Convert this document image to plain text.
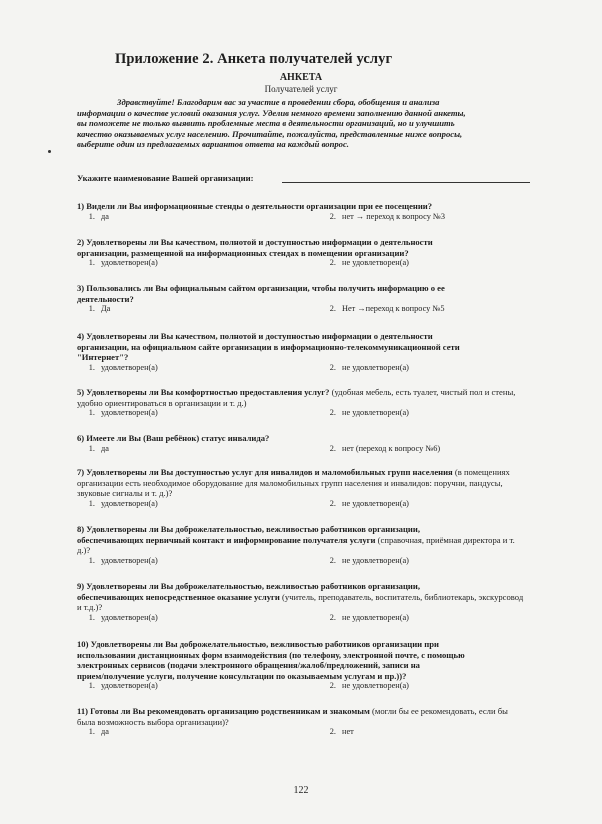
Приложение 2. Анкета получателей услуг
АНКЕТА
Получателей услуг
Здравствуйте! Благодарим вас за участие в проведении сбора, обобщения и анализа
информации о качестве условий оказания услуг. Уделив немного времени заполнению данной анкеты,
вы поможете не только выявить проблемные места в деятельности организаций, но и улучшить
качество оказываемых услуг населению. Прочитайте, пожалуйста, представленные ниже вопросы,
выберите один из предлагаемых вариантов ответа на каждый вопрос.
Укажите наименование Вашей организации:
1) Видели ли Вы информационные стенды о деятельности организации при ее посещении?
1. да	2. нет → переход к вопросу №3
2) Удовлетворены ли Вы качеством, полнотой и доступностью информации о деятельности
организации, размещенной на информационных стендах в помещении организации?
1. удовлетворен(а)	2. не удовлетворен(а)
3) Пользовались ли Вы официальным сайтом организации, чтобы получить информацию о ее
деятельности?
1. Да	2. Нет →переход к вопросу №5
4) Удовлетворены ли Вы качеством, полнотой и доступностью информации о деятельности
организации, на официальном сайте организации в информационно-телекоммуникационной сети
"Интернет"?
1. удовлетворен(а)	2. не удовлетворен(а)
5) Удовлетворены ли Вы комфортностью предоставления услуг? (удобная мебель, есть туалет, чистый пол и стены, удобно ориентироваться в организации и т. д.)
1. удовлетворен(а)	2. не удовлетворен(а)
6) Имеете ли Вы (Ваш ребёнок) статус инвалида?
1. да	2. нет (переход к вопросу №6)
7) Удовлетворены ли Вы доступностью услуг для инвалидов и маломобильных групп населения (в помещениях организации есть необходимое оборудование для маломобильных групп населения и инвалидов: поручни, пандусы, звуковые сигналы и т. д.)?
1. удовлетворен(а)	2. не удовлетворен(а)
8) Удовлетворены ли Вы доброжелательностью, вежливостью работников организации,
обеспечивающих первичный контакт и информирование получателя услуги (справочная, приёмная директора и т. д.)?
1. удовлетворен(а)	2. не удовлетворен(а)
9) Удовлетворены ли Вы доброжелательностью, вежливостью работников организации,
обеспечивающих непосредственное оказание услуги (учитель, преподаватель, воспитатель, библиотекарь, экскурсовод и т.д.)?
1. удовлетворен(а)	2. не удовлетворен(а)
10) Удовлетворены ли Вы доброжелательностью, вежливостью работников организации при
использовании дистанционных форм взаимодействия (по телефону, электронной почте, с помощью
электронных сервисов (подачи электронного обращения/жалоб/предложений, записи на
прием/получение услуги, получение консультации по оказываемым услугам и пр.))?
1. удовлетворен(а)	2. не удовлетворен(а)
11) Готовы ли Вы рекомендовать организацию родственникам и знакомым (могли бы ее рекомендовать, если бы была возможность выбора организации)?
1. да	2. нет
122
